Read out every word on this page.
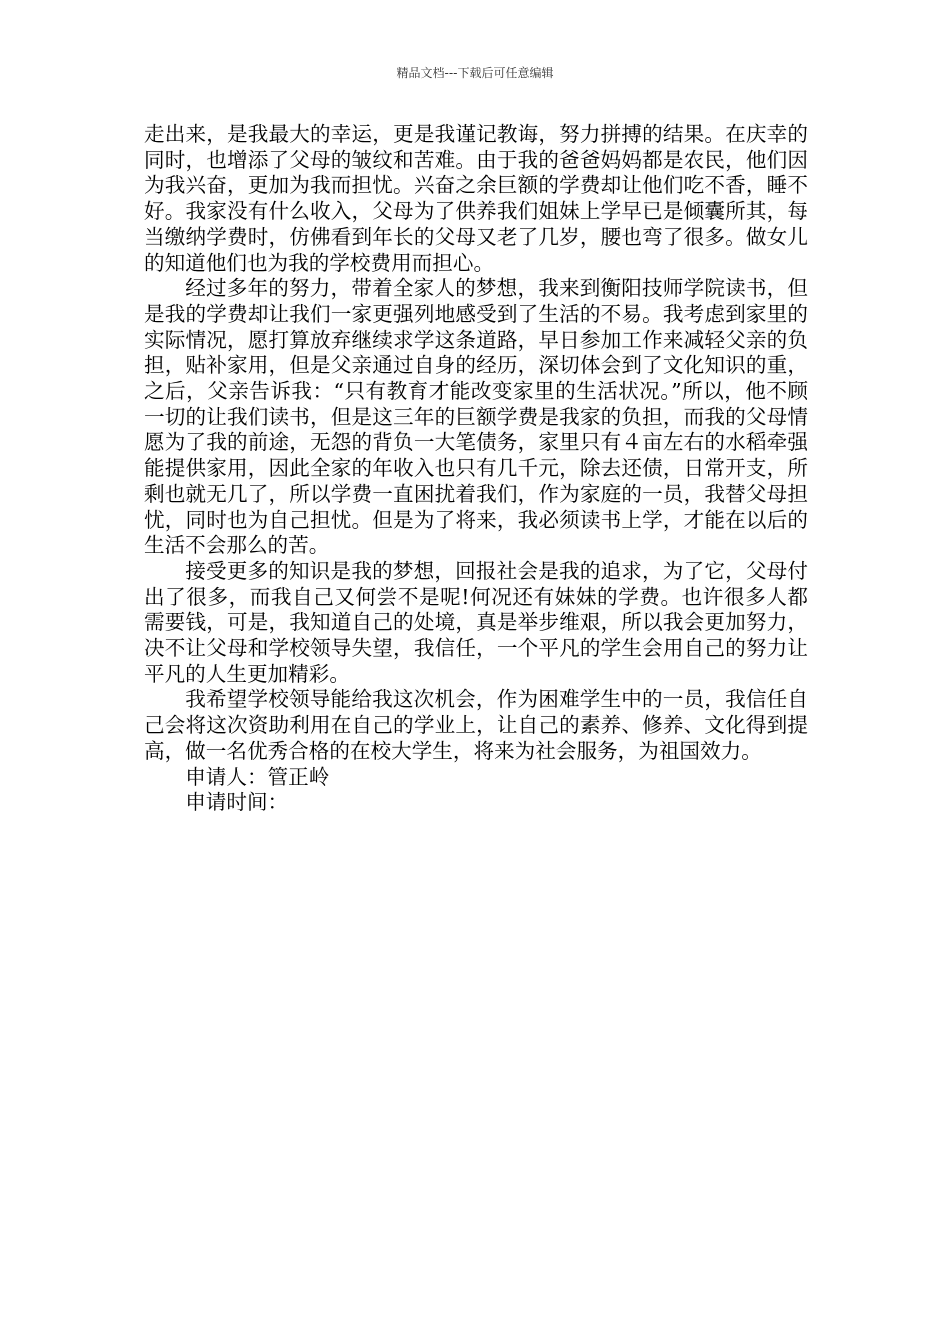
精品文档---下载后可任意编辑

走出来，是我最大的幸运，更是我谨记教诲，努力拼搏的结果。在庆幸的同时，也增添了父母的皱纹和苦难。由于我的爸爸妈妈都是农民，他们因为我兴奋，更加为我而担忧。兴奋之余巨额的学费却让他们吃不香，睡不好。我家没有什么收入，父母为了供养我们姐妹上学早已是倾囊所其，每当缴纳学费时，仿佛看到年长的父母又老了几岁，腰也弯了很多。做女儿的知道他们也为我的学校费用而担心。

经过多年的努力，带着全家人的梦想，我来到衡阳技师学院读书，但是我的学费却让我们一家更强列地感受到了生活的不易。我考虑到家里的实际情况，愿打算放弃继续求学这条道路，早日参加工作来减轻父亲的负担，贴补家用，但是父亲通过自身的经历，深切体会到了文化知识的重，之后，父亲告诉我：“只有教育才能改变家里的生活状况。”所以，他不顾一切的让我们读书，但是这三年的巨额学费是我家的负担，而我的父母情愿为了我的前途，无怨的背负一大笔债务，家里只有４亩左右的水稻牵强能提供家用，因此全家的年收入也只有几千元，除去还债，日常开支，所剩也就无几了，所以学费一直困扰着我们，作为家庭的一员，我替父母担忧，同时也为自己担忧。但是为了将来，我必须读书上学，才能在以后的生活不会那么的苦。

接受更多的知识是我的梦想，回报社会是我的追求，为了它，父母付出了很多，而我自己又何尝不是呢!何况还有妹妹的学费。也许很多人都需要钱，可是，我知道自己的处境，真是举步维艰，所以我会更加努力，决不让父母和学校领导失望，我信任，一个平凡的学生会用自己的努力让平凡的人生更加精彩。

我希望学校领导能给我这次机会，作为困难学生中的一员，我信任自己会将这次资助利用在自己的学业上，让自己的素养、修养、文化得到提高，做一名优秀合格的在校大学生，将来为社会服务，为祖国效力。

申请人：管正岭

申请时间：
